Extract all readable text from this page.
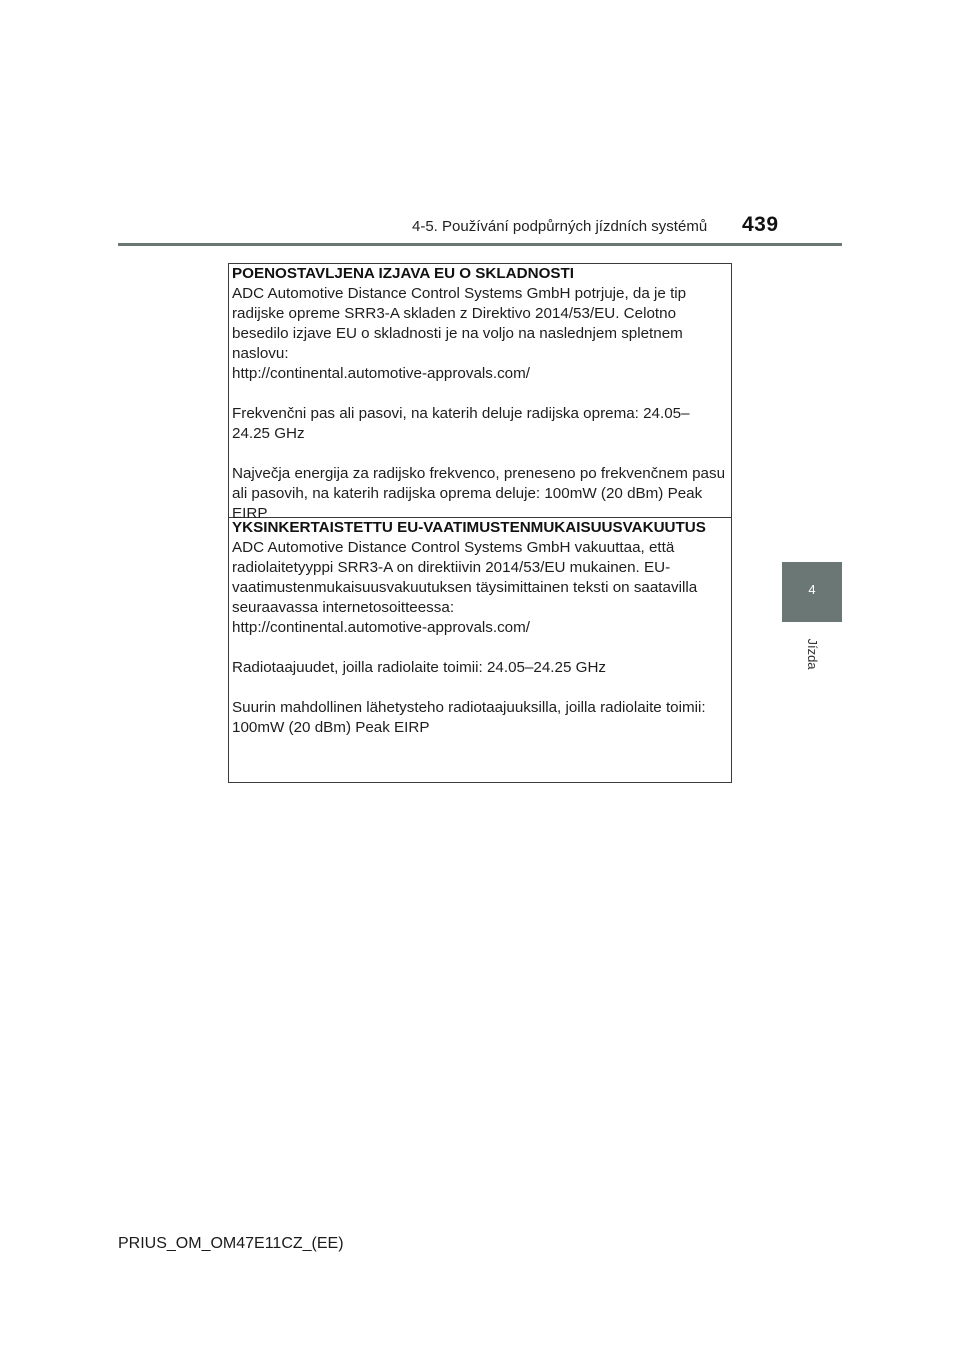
4-5. Používání podpůrných jízdních systémů 439
4
Jízda

POENOSTAVLJENA IZJAVA EU O SKLADNOSTI

ADC Automotive Distance Control Systems GmbH potrjuje, da je tip

radijske opreme SRR3-A skladen z Direktivo 2014/53/EU. Celotno

besedilo izjave EU o skladnosti je na voljo na naslednjem spletnem

naslovu:

http://continental.automotive-approvals.com/

Frekvenčni pas ali pasovi, na katerih deluje radijska oprema: 24.05–

24.25 GHz

Največja energija za radijsko frekvenco, preneseno po frekvenčnem pasu

ali pasovih, na katerih radijska oprema deluje: 100mW (20 dBm) Peak

EIRP

YKSINKERTAISTETTU EU-VAATIMUSTENMUKAISUUSVAKUUTUS

ADC Automotive Distance Control Systems GmbH vakuuttaa, että

radiolaitetyyppi SRR3-A on direktiivin 2014/53/EU mukainen. EU-

vaatimustenmukaisuusvakuutuksen täysimittainen teksti on saatavilla

seuraavassa internetosoitteessa:

http://continental.automotive-approvals.com/

Radiotaajuudet, joilla radiolaite toimii: 24.05–24.25 GHz

Suurin mahdollinen lähetysteho radiotaajuuksilla, joilla radiolaite toimii:

100mW (20 dBm) Peak EIRP

PRIUS_OM_OM47E11CZ_(EE)
